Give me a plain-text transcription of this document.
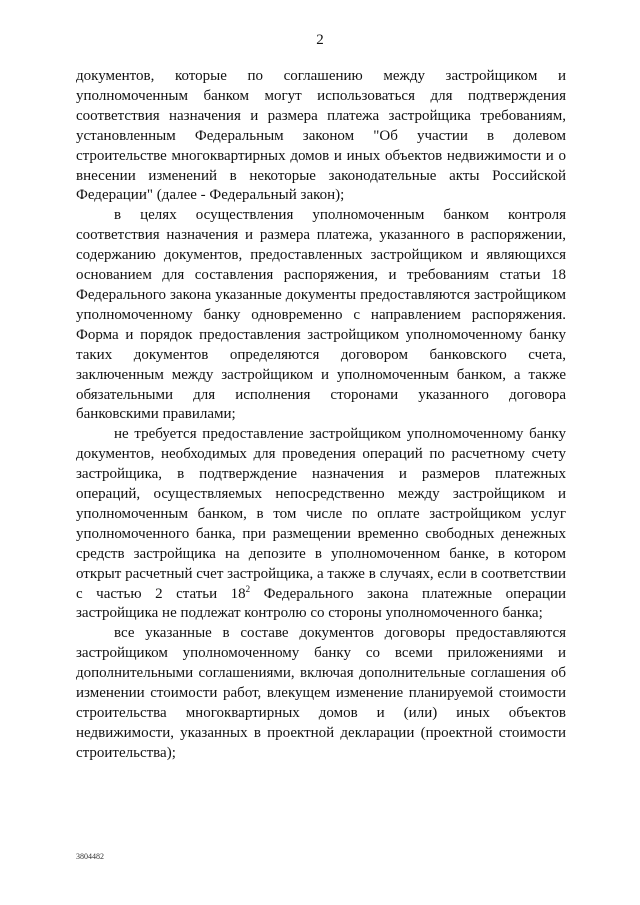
2

документов, которые по соглашению между застройщиком и уполномоченным банком могут использоваться для подтверждения соответствия назначения и размера платежа застройщика требованиям, установленным Федеральным законом "Об участии в долевом строительстве многоквартирных домов и иных объектов недвижимости и о внесении изменений в некоторые законодательные акты Российской Федерации" (далее - Федеральный закон);

в целях осуществления уполномоченным банком контроля соответствия назначения и размера платежа, указанного в распоряжении, содержанию документов, предоставленных застройщиком и являющихся основанием для составления распоряжения, и требованиям статьи 18 Федерального закона указанные документы предоставляются застройщиком уполномоченному банку одновременно с направлением распоряжения. Форма и порядок предоставления застройщиком уполномоченному банку таких документов определяются договором банковского счета, заключенным между застройщиком и уполномоченным банком, а также обязательными для исполнения сторонами указанного договора банковскими правилами;

не требуется предоставление застройщиком уполномоченному банку документов, необходимых для проведения операций по расчетному счету застройщика, в подтверждение назначения и размеров платежных операций, осуществляемых непосредственно между застройщиком и уполномоченным банком, в том числе по оплате застройщиком услуг уполномоченного банка, при размещении временно свободных денежных средств застройщика на депозите в уполномоченном банке, в котором открыт расчетный счет застройщика, а также в случаях, если в соответствии с частью 2 статьи $18^2$ Федерального закона платежные операции застройщика не подлежат контролю со стороны уполномоченного банка;

все указанные в составе документов договоры предоставляются застройщиком уполномоченному банку со всеми приложениями и дополнительными соглашениями, включая дополнительные соглашения об изменении стоимости работ, влекущем изменение планируемой стоимости строительства многоквартирных домов и (или) иных объектов недвижимости, указанных в проектной декларации (проектной стоимости строительства);

3804482
